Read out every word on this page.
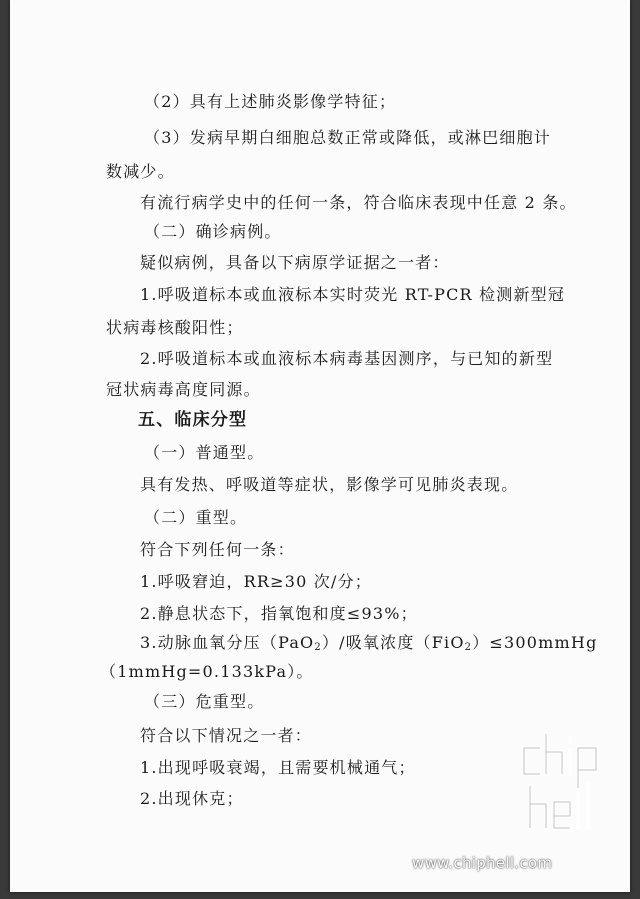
（2）具有上述肺炎影像学特征；
（3）发病早期白细胞总数正常或降低，或淋巴细胞计
数减少。
有流行病学史中的任何一条，符合临床表现中任意 2 条。
（二）确诊病例。
疑似病例，具备以下病原学证据之一者：
1.呼吸道标本或血液标本实时荧光 RT-PCR 检测新型冠
状病毒核酸阳性；
2.呼吸道标本或血液标本病毒基因测序，与已知的新型
冠状病毒高度同源。
五、临床分型
（一）普通型。
具有发热、呼吸道等症状，影像学可见肺炎表现。
（二）重型。
符合下列任何一条：
1.呼吸窘迫，RR≥30 次/分；
2.静息状态下，指氧饱和度≤93%；
3.动脉血氧分压（PaO$_2$）/吸氧浓度（FiO$_2$）≤300mmHg
（1mmHg=0.133kPa）。
（三）危重型。
符合以下情况之一者：
1.出现呼吸衰竭，且需要机械通气；
2.出现休克；
www.chiphell.com
